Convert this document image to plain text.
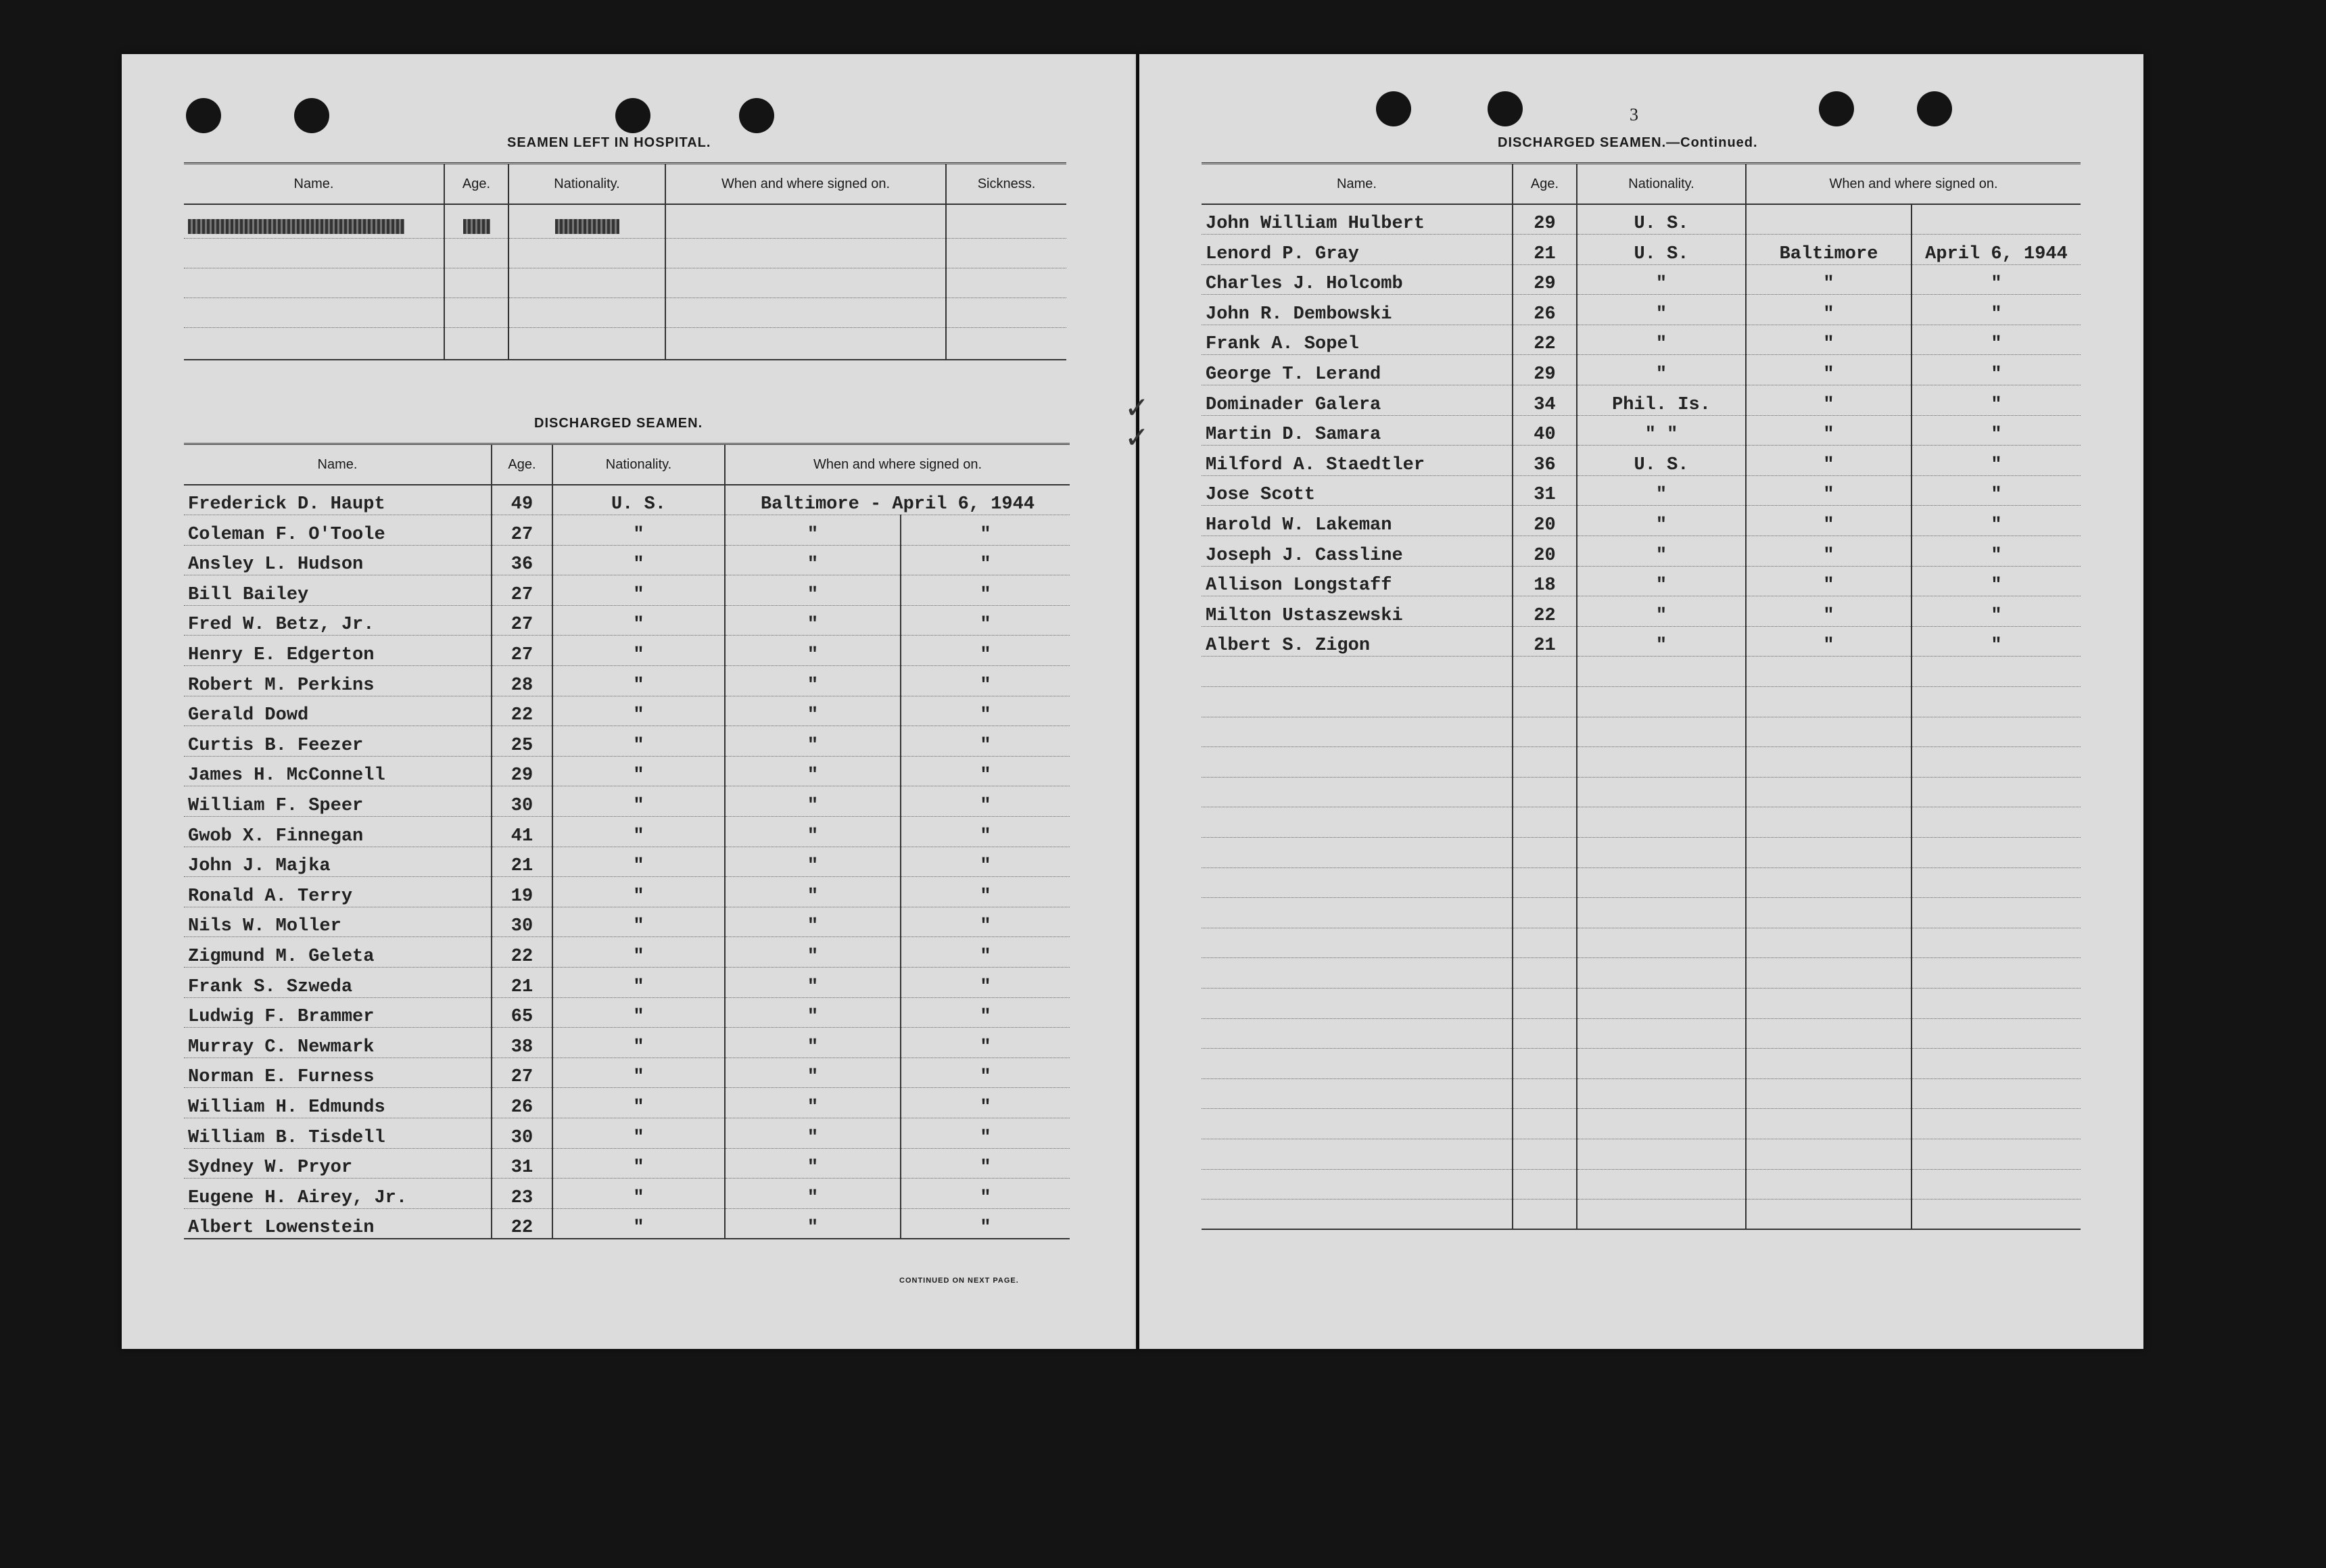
SEAMEN LEFT IN HOSPITAL.
Name.	Age.	Nationality.	When and where signed on.	Sickness.

DISCHARGED SEAMEN.
Name.	Age.	Nationality.	When and where signed on.	
Frederick D. Haupt	49	U. S.	Baltimore - April 6, 1944	
Coleman F. O'Toole	27	"	"	"
Ansley L. Hudson	36	"	"	"
Bill Bailey	27	"	"	"
Fred W. Betz, Jr.	27	"	"	"
Henry E. Edgerton	27	"	"	"
Robert M. Perkins	28	"	"	"
Gerald Dowd	22	"	"	"
Curtis B. Feezer	25	"	"	"
James H. McConnell	29	"	"	"
William F. Speer	30	"	"	"
Gwob X. Finnegan	41	"	"	"
John J. Majka	21	"	"	"
Ronald A. Terry	19	"	"	"
Nils W. Moller	30	"	"	"
Zigmund M. Geleta	22	"	"	"
Frank S. Szweda	21	"	"	"
Ludwig F. Brammer	65	"	"	"
Murray C. Newmark	38	"	"	"
Norman E. Furness	27	"	"	"
William H. Edmunds	26	"	"	"
William B. Tisdell	30	"	"	"
Sydney W. Pryor	31	"	"	"
Eugene H. Airey, Jr.	23	"	"	"
Albert Lowenstein	22	"	"	"
CONTINUED ON NEXT PAGE.
3
DISCHARGED SEAMEN.—Continued.
Name.	Age.	Nationality.	When and where signed on.	
John William Hulbert	29	U. S.		
Lenord P. Gray	21	U. S.	Baltimore	April 6, 1944
Charles J. Holcomb	29	"	"	"
John R. Dembowski	26	"	"	"
Frank A. Sopel	22	"	"	"
George T. Lerand	29	"	"	"
Dominader Galera	34	Phil. Is.	"	"
Martin D. Samara	40	" "	"	"
Milford A. Staedtler	36	U. S.	"	"
Jose Scott	31	"	"	"
Harold W. Lakeman	20	"	"	"
Joseph J. Cassline	20	"	"	"
Allison Longstaff	18	"	"	"
Milton Ustaszewski	22	"	"	"
Albert S. Zigon	21	"	"	"

✓
✓
